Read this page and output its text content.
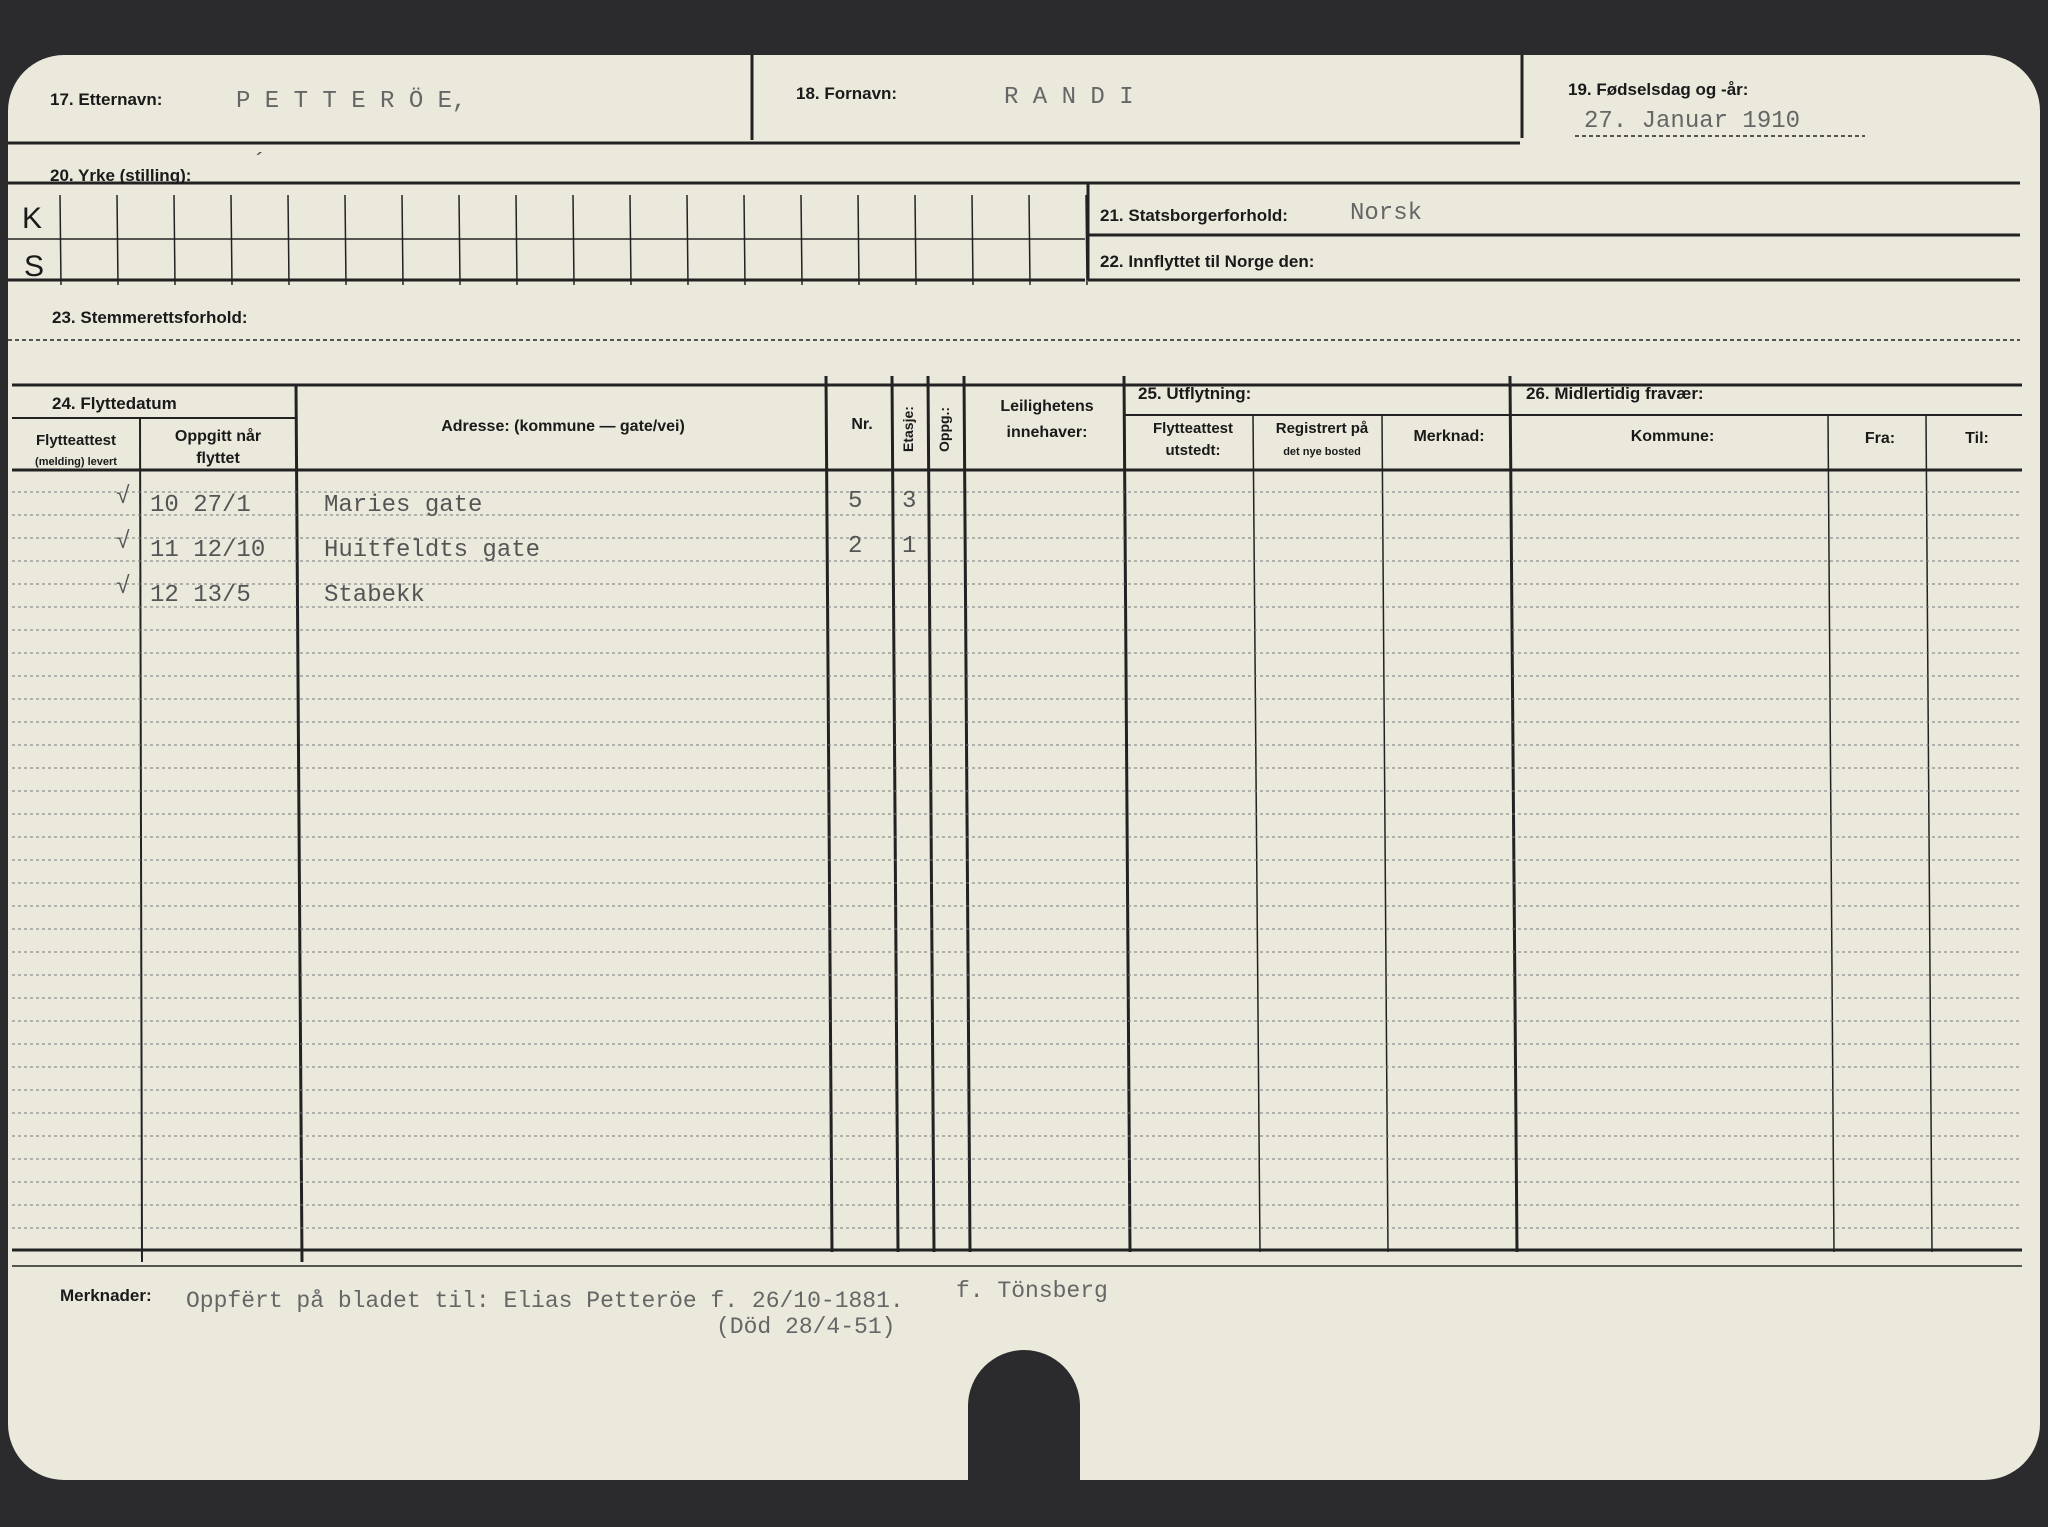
17. Etternavn:	P E T T E R Ö E,	18. Fornavn:	R A N D I	19. Fødselsdag og -år:
27. Januar 1910
20. Yrke (stilling):	´
K
S
21. Statsborgerforhold:	Norsk
22. Innflyttet til Norge den:
23. Stemmerettsforhold:
24. Flyttedatum
Flytteattest
(melding) levert
Oppgitt når
flyttet
Adresse: (kommune — gate/vei)	Nr.	Etasje: Oppg.:
Leilighetens
innehaver:
25. Utflytning:
Flytteattest
utstedt:
Registrert på
det nye bosted
Merknad:
26. Midlertidig fravær:
Kommune:	Fra:	Til:
√ 10 27/1	Maries gate	5 3
√ 11 12/10 Huitfeldts gate	2 1
√ 12 13/5	Stabekk
Merknader: Oppfërt på bladet til: Elias Petteröe f. 26/10-1881. f. Tönsberg
(Död 28/4-51)
